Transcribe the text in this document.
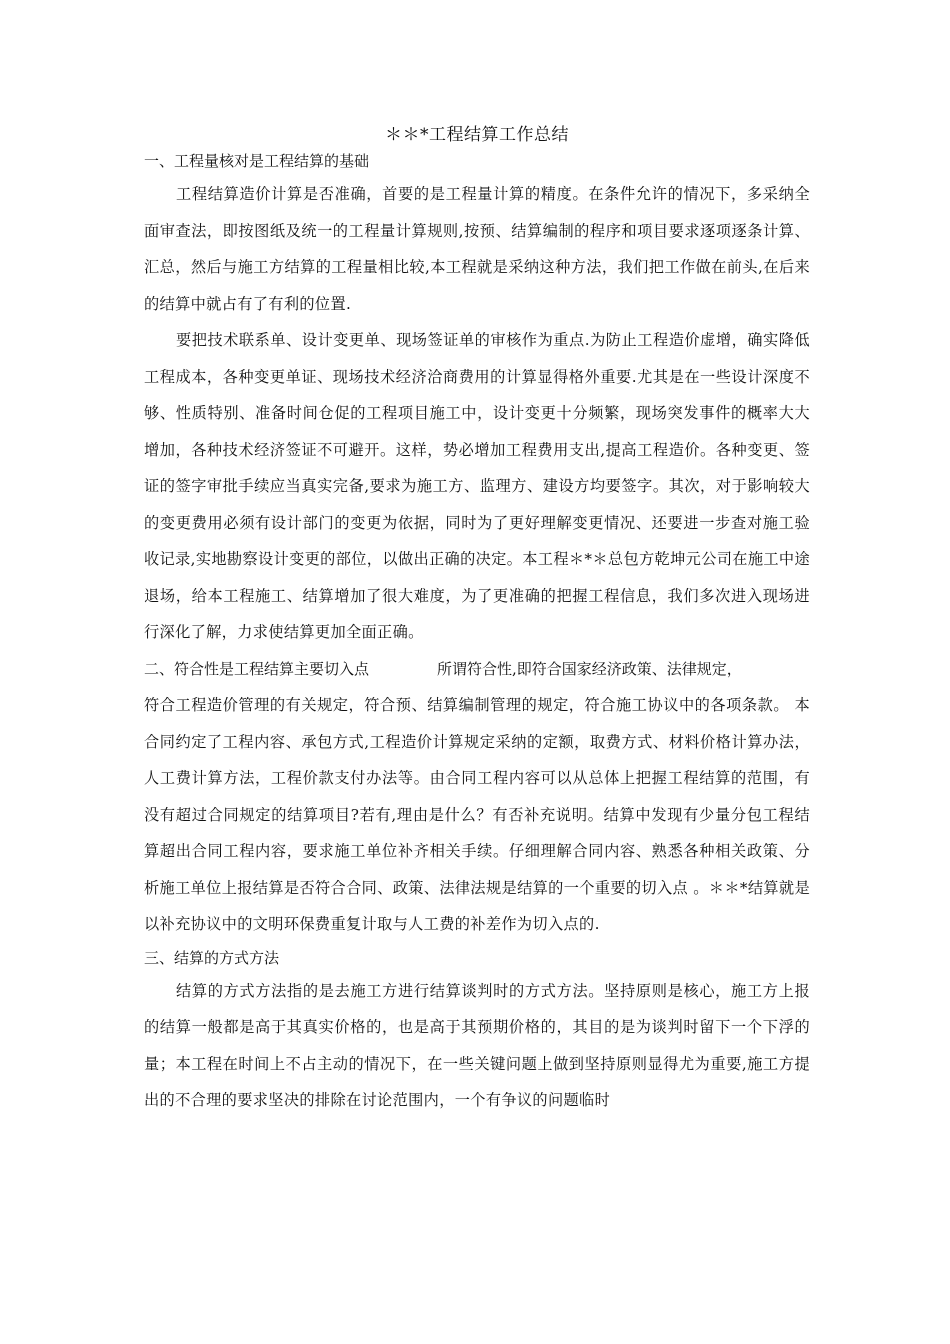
＊＊*工程结算工作总结

一、工程量核对是工程结算的基础

工程结算造价计算是否准确，首要的是工程量计算的精度。在条件允许的情况下，多采纳全面审查法，即按图纸及统一的工程量计算规则,按预、结算编制的程序和项目要求逐项逐条计算、汇总，然后与施工方结算的工程量相比较,本工程就是采纳这种方法，我们把工作做在前头,在后来的结算中就占有了有利的位置.

要把技术联系单、设计变更单、现场签证单的审核作为重点.为防止工程造价虚增，确实降低工程成本，各种变更单证、现场技术经济洽商费用的计算显得格外重要.尤其是在一些设计深度不够、性质特别、准备时间仓促的工程项目施工中，设计变更十分频繁，现场突发事件的概率大大增加，各种技术经济签证不可避开。这样，势必增加工程费用支出,提高工程造价。各种变更、签证的签字审批手续应当真实完备,要求为施工方、监理方、建设方均要签字。其次，对于影响较大的变更费用必须有设计部门的变更为依据，同时为了更好理解变更情况、还要进一步查对施工验收记录,实地勘察设计变更的部位，以做出正确的决定。本工程＊*＊总包方乾坤元公司在施工中途退场，给本工程施工、结算增加了很大难度，为了更准确的把握工程信息，我们多次进入现场进行深化了解，力求使结算更加全面正确。

二、符合性是工程结算主要切入点	所谓符合性,即符合国家经济政策、法律规定，

符合工程造价管理的有关规定，符合预、结算编制管理的规定，符合施工协议中的各项条款。 本合同约定了工程内容、承包方式,工程造价计算规定采纳的定额，取费方式、材料价格计算办法，人工费计算方法，工程价款支付办法等。由合同工程内容可以从总体上把握工程结算的范围，有没有超过合同规定的结算项目?若有,理由是什么？有否补充说明。结算中发现有少量分包工程结算超出合同工程内容，要求施工单位补齐相关手续。仔细理解合同内容、熟悉各种相关政策、分析施工单位上报结算是否符合合同、政策、法律法规是结算的一个重要的切入点 。＊＊*结算就是以补充协议中的文明环保费重复计取与人工费的补差作为切入点的.

三、结算的方式方法

结算的方式方法指的是去施工方进行结算谈判时的方式方法。坚持原则是核心，施工方上报的结算一般都是高于其真实价格的，也是高于其预期价格的，其目的是为谈判时留下一个下浮的量；本工程在时间上不占主动的情况下，在一些关键问题上做到坚持原则显得尤为重要,施工方提出的不合理的要求坚决的排除在讨论范围内，一个有争议的问题临时
